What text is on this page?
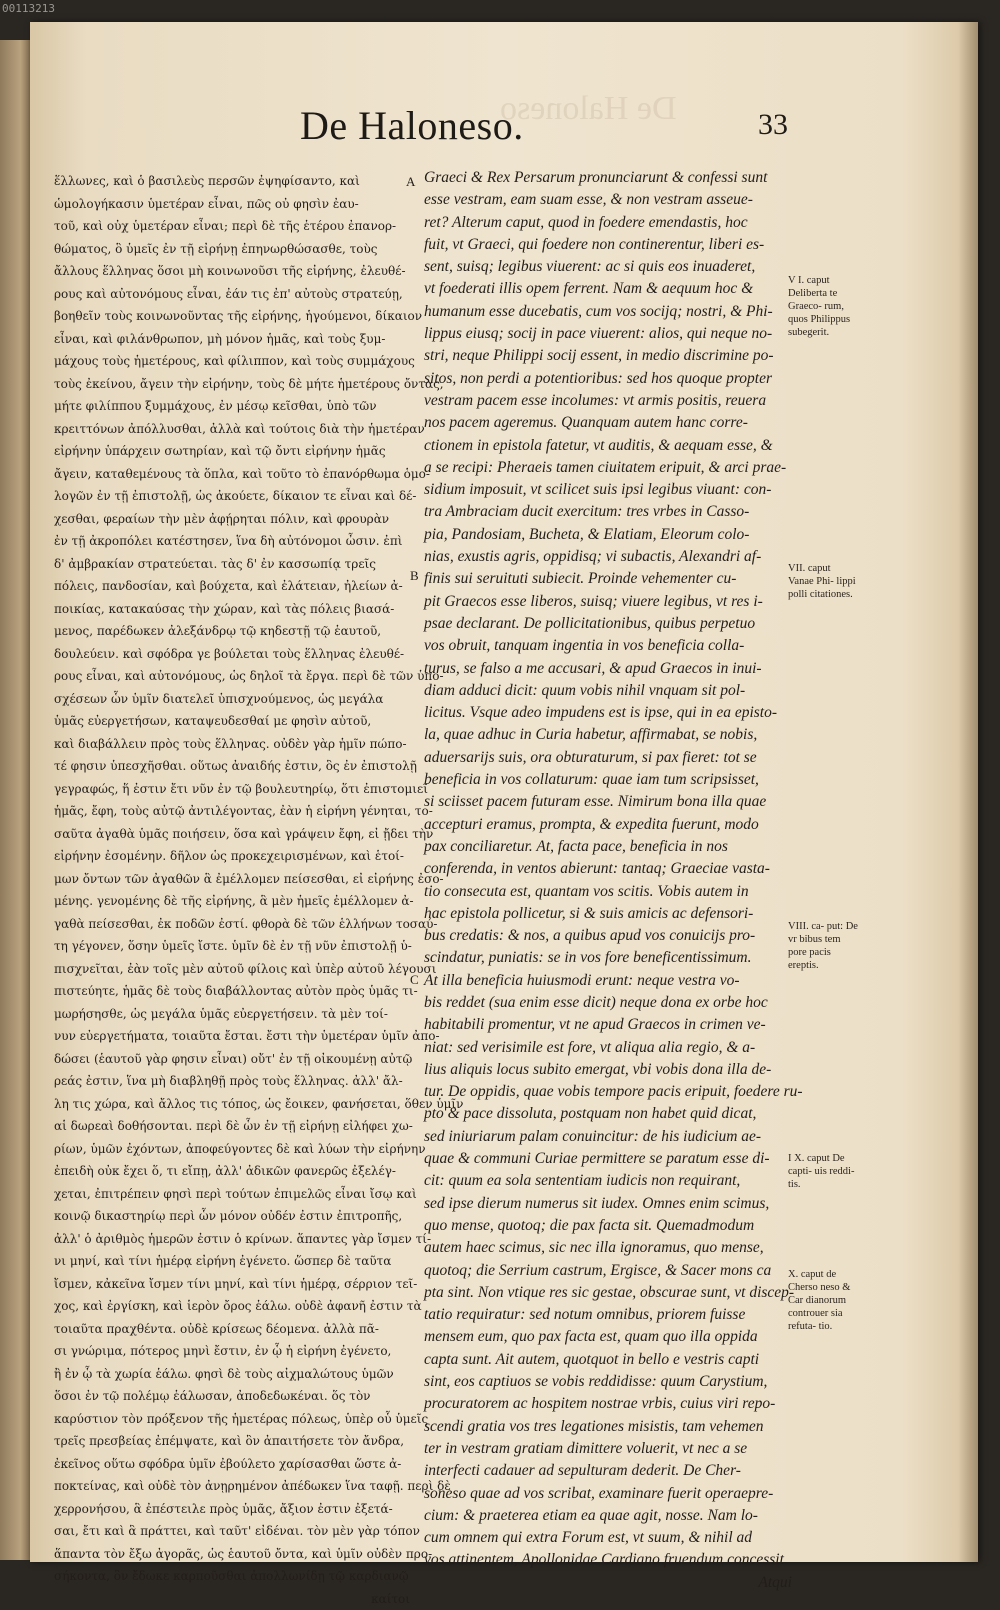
00113213
De Halonesο
De Halonesο.	33
ἕλλωνες, καὶ ὁ βασιλεὺς περσῶν ἐψηφίσαντο, καὶ
ὡμολογήκασιν ὑμετέραν εἶναι, πῶς οὐ φησὶν ἐαυ-
τοῦ, καὶ οὐχ ὑμετέραν εἶναι; περὶ δὲ τῆς ἑτέρου ἐπανορ-
θώματος, ὃ ὑμεῖς ἐν τῇ εἰρήνῃ ἐπηνωρθώσασθε, τοὺς
ἄλλους ἕλληνας ὅσοι μὴ κοινωνοῦσι τῆς εἰρήνης, ἐλευθέ-
ρους καὶ αὐτονόμους εἶναι, ἐάν τις ἐπ' αὐτοὺς στρατεύῃ,
βοηθεῖν τοὺς κοινωνοῦντας τῆς εἰρήνης, ἡγούμενοι, δίκαιον
εἶναι, καὶ φιλάνθρωπον, μὴ μόνον ἡμᾶς, καὶ τοὺς ξυμ-
μάχους τοὺς ἡμετέρους, καὶ φίλιππον, καὶ τοὺς συμμάχους
τοὺς ἐκείνου, ἄγειν τὴν εἰρήνην, τοὺς δὲ μήτε ἡμετέρους ὄντας,
μήτε φιλίππου ξυμμάχους, ἐν μέσῳ κεῖσθαι, ὑπὸ τῶν
κρειττόνων ἀπόλλυσθαι, ἀλλὰ καὶ τούτοις διὰ τὴν ἡμετέραν
εἰρήνην ὑπάρχειν σωτηρίαν, καὶ τῷ ὄντι εἰρήνην ἡμᾶς
ἄγειν, καταθεμένους τὰ ὅπλα, καὶ τοῦτο τὸ ἐπανόρθωμα ὁμο-
λογῶν ἐν τῇ ἐπιστολῇ, ὡς ἀκούετε, δίκαιον τε εἶναι καὶ δέ-
χεσθαι, φεραίων τὴν μὲν ἀφῄρηται πόλιν, καὶ φρουρὰν
ἐν τῇ ἀκροπόλει κατέστησεν, ἵνα δὴ αὐτόνομοι ὦσιν. ἐπὶ
δ' ἀμβρακίαν στρατεύεται. τὰς δ' ἐν κασσωπίᾳ τρεῖς
πόλεις, πανδοσίαν, καὶ βούχετα, καὶ ἐλάτειαν, ἠλείων ἀ-
ποικίας, κατακαύσας τὴν χώραν, καὶ τὰς πόλεις βιασά-
μενος, παρέδωκεν ἀλεξάνδρῳ τῷ κηδεστῇ τῷ ἑαυτοῦ,
δουλεύειν. καὶ σφόδρα γε βούλεται τοὺς ἕλληνας ἐλευθέ-
ρους εἶναι, καὶ αὐτονόμους, ὡς δηλοῖ τὰ ἔργα. περὶ δὲ τῶν ὑπο-
σχέσεων ὧν ὑμῖν διατελεῖ ὑπισχνούμενος, ὡς μεγάλα
ὑμᾶς εὐεργετήσων, καταψευδεσθαί με φησὶν αὐτοῦ,
καὶ διαβάλλειν πρὸς τοὺς ἕλληνας. οὐδὲν γὰρ ἡμῖν πώπο-
τέ φησιν ὑπεσχῆσθαι. οὕτως ἀναιδής ἐστιν, ὃς ἐν ἐπιστολῇ
γεγραφώς, ἥ ἐστιν ἔτι νῦν ἐν τῷ βουλευτηρίῳ, ὅτι ἐπιστομιεῖ
ἡμᾶς, ἔφη, τοὺς αὐτῷ ἀντιλέγοντας, ἐὰν ἡ εἰρήνη γένηται, το-
σαῦτα ἀγαθὰ ὑμᾶς ποιήσειν, ὅσα καὶ γράψειν ἔφη, εἰ ᾔδει τὴν
εἰρήνην ἐσομένην. δῆλον ὡς προκεχειρισμένων, καὶ ἑτοί-
μων ὄντων τῶν ἀγαθῶν ἃ ἐμέλλομεν πείσεσθαι, εἰ εἰρήνης ἐσο-
μένης. γενομένης δὲ τῆς εἰρήνης, ἃ μὲν ἡμεῖς ἐμέλλομεν ἀ-
γαθὰ πείσεσθαι, ἐκ ποδῶν ἐστί. φθορὰ δὲ τῶν ἑλλήνων τοσαύ-
τη γέγονεν, ὅσην ὑμεῖς ἴστε. ὑμῖν δὲ ἐν τῇ νῦν ἐπιστολῇ ὑ-
πισχνεῖται, ἐὰν τοῖς μὲν αὐτοῦ φίλοις καὶ ὑπὲρ αὐτοῦ λέγουσι
πιστεύητε, ἡμᾶς δὲ τοὺς διαβάλλοντας αὐτὸν πρὸς ὑμᾶς τι-
μωρήσησθε, ὡς μεγάλα ὑμᾶς εὐεργετήσειν. τὰ μὲν τοί-
νυν εὐεργετήματα, τοιαῦτα ἔσται. ἔστι τὴν ὑμετέραν ὑμῖν ἀπο-
δώσει (ἑαυτοῦ γὰρ φησιν εἶναι) οὔτ' ἐν τῇ οἰκουμένῃ αὐτῷ
ρεάς ἐστιν, ἵνα μὴ διαβληθῇ πρὸς τοὺς ἕλληνας. ἀλλ' ἄλ-
λη τις χώρα, καὶ ἄλλος τις τόπος, ὡς ἔοικεν, φανήσεται, ὅθεν ὑμῖν
αἱ δωρεαὶ δοθήσονται. περὶ δὲ ὧν ἐν τῇ εἰρήνῃ εἰλήφει χω-
ρίων, ὑμῶν ἐχόντων, ἀποφεύγοντες δὲ καὶ λύων τὴν εἰρήνην
ἐπειδὴ οὐκ ἔχει ὅ, τι εἴπῃ, ἀλλ' ἀδικῶν φανερῶς ἐξελέγ-
χεται, ἐπιτρέπειν φησὶ περὶ τούτων ἐπιμελῶς εἶναι ἴσῳ καὶ
κοινῷ δικαστηρίῳ περὶ ὧν μόνον οὐδέν ἐστιν ἐπιτροπῆς,
ἀλλ' ὁ ἀριθμὸς ἡμερῶν ἐστιν ὁ κρίνων. ἅπαντες γὰρ ἴσμεν τί-
νι μηνί, καὶ τίνι ἡμέρᾳ εἰρήνη ἐγένετο. ὥσπερ δὲ ταῦτα
ἴσμεν, κἀκεῖνα ἴσμεν τίνι μηνί, καὶ τίνι ἡμέρᾳ, σέρριον τεῖ-
χος, καὶ ἐργίσκη, καὶ ἱερὸν ὄρος ἑάλω. οὐδὲ ἀφανῆ ἐστιν τὰ
τοιαῦτα πραχθέντα. οὐδὲ κρίσεως δέομενα. ἀλλὰ πᾶ-
σι γνώριμα, πότερος μηνὶ ἔστιν, ἐν ᾧ ἡ εἰρήνη ἐγένετο,
ἢ ἐν ᾧ τὰ χωρία ἑάλω. φησὶ δὲ τοὺς αἰχμαλώτους ὑμῶν
ὅσοι ἐν τῷ πολέμῳ ἑάλωσαν, ἀποδεδωκέναι. ὅς τὸν
καρύστιον τὸν πρόξενον τῆς ἡμετέρας πόλεως, ὑπὲρ οὗ ὑμεῖς
τρεῖς πρεσβείας ἐπέμψατε, καὶ ὃν ἀπαιτήσετε τὸν ἄνδρα,
ἐκεῖνος οὕτω σφόδρα ὑμῖν ἐβούλετο χαρίσασθαι ὥστε ἀ-
ποκτείνας, καὶ οὐδὲ τὸν ἀνῃρημένον ἀπέδωκεν ἵνα ταφῇ. περὶ δὲ
χερρονήσου, ἃ ἐπέστειλε πρὸς ὑμᾶς, ἄξιον ἐστιν ἐξετά-
σαι, ἔτι καὶ ἃ πράττει, καὶ ταῦτ' εἰδέναι. τὸν μὲν γὰρ τόπον
ἅπαντα τὸν ἔξω ἀγορᾶς, ὡς ἑαυτοῦ ὄντα, καὶ ὑμῖν οὐδὲν προ-
σήκοντα, ὃν ἔδωκε καρποῦσθαι ἀπολλωνίδῃ τῷ καρδιανῷ
καίτοι
A
B
C
Graeci & Rex Persarum pronunciarunt & confessi sunt
esse vestram, eam suam esse, & non vestram asseue-
ret? Alterum caput, quod in foedere emendastis, hoc
fuit, vt Graeci, qui foedere non continerentur, liberi es-
sent, suisq; legibus viuerent: ac si quis eos inuaderet,
vt foederati illis opem ferrent. Nam & aequum hoc &
humanum esse ducebatis, cum vos socijq; nostri, & Phi-
lippus eiusq; socij in pace viuerent: alios, qui neque no-
stri, neque Philippi socij essent, in medio discrimine po-
sitos, non perdi a potentioribus: sed hos quoque propter
vestram pacem esse incolumes: vt armis positis, reuera
nos pacem ageremus. Quanquam autem hanc corre-
ctionem in epistola fatetur, vt auditis, & aequam esse, &
a se recipi: Pheraeis tamen ciuitatem eripuit, & arci prae-
sidium imposuit, vt scilicet suis ipsi legibus viuant: con-
tra Ambraciam ducit exercitum: tres vrbes in Casso-
pia, Pandosiam, Bucheta, & Elatiam, Eleorum colo-
nias, exustis agris, oppidisq; vi subactis, Alexandri af-
finis sui seruituti subiecit. Proinde vehementer cu-
pit Graecos esse liberos, suisq; viuere legibus, vt res i-
psae declarant. De pollicitationibus, quibus perpetuo
vos obruit, tanquam ingentia in vos beneficia colla-
turus, se falso a me accusari, & apud Graecos in inui-
diam adduci dicit: quum vobis nihil vnquam sit pol-
licitus. Vsque adeo impudens est is ipse, qui in ea episto-
la, quae adhuc in Curia habetur, affirmabat, se nobis,
aduersarijs suis, ora obturaturum, si pax fieret: tot se
beneficia in vos collaturum: quae iam tum scripsisset,
si sciisset pacem futuram esse. Nimirum bona illa quae
accepturi eramus, prompta, & expedita fuerunt, modo
pax conciliaretur. At, facta pace, beneficia in nos
conferenda, in ventos abierunt: tantaq; Graeciae vasta-
tio consecuta est, quantam vos scitis. Vobis autem in
hac epistola pollicetur, si & suis amicis ac defensori-
bus credatis: & nos, a quibus apud vos conuicijs pro-
scindatur, puniatis: se in vos fore beneficentissimum.
At illa beneficia huiusmodi erunt: neque vestra vo-
bis reddet (sua enim esse dicit) neque dona ex orbe hoc
habitabili promentur, vt ne apud Graecos in crimen ve-
niat: sed verisimile est fore, vt aliqua alia regio, & a-
lius aliquis locus subito emergat, vbi vobis dona illa de-
tur. De oppidis, quae vobis tempore pacis eripuit, foedere ru-
pto & pace dissoluta, postquam non habet quid dicat,
sed iniuriarum palam conuincitur: de his iudicium ae-
quae & communi Curiae permittere se paratum esse di-
cit: quum ea sola sententiam iudicis non requirant,
sed ipse dierum numerus sit iudex. Omnes enim scimus,
quo mense, quotoq; die pax facta sit. Quemadmodum
autem haec scimus, sic nec illa ignoramus, quo mense,
quotoq; die Serrium castrum, Ergisce, & Sacer mons ca
pta sint. Non vtique res sic gestae, obscurae sunt, vt discep-
tatio requiratur: sed notum omnibus, priorem fuisse
mensem eum, quo pax facta est, quam quo illa oppida
capta sunt. Ait autem, quotquot in bello e vestris capti
sint, eos captiuos se vobis reddidisse: quum Carystium,
procuratorem ac hospitem nostrae vrbis, cuius viri repo-
scendi gratia vos tres legationes misistis, tam vehemen
ter in vestram gratiam dimittere voluerit, vt nec a se
interfecti cadauer ad sepulturam dederit. De Cher-
soneso quae ad vos scribat, examinare fuerit operaepre-
cium: & praeterea etiam ea quae agit, nosse. Nam lo-
cum omnem qui extra Forum est, vt suum, & nihil ad
vos attinentem, Apollonidae Cardiano fruendum concessit.
Atqui
V I. caput Deliberta te Graeco- rum, quos Philippus subegerit.
VII. caput Vanae Phi- lippi polli citationes.
VIII. ca- put: De vr bibus tem pore pacis ereptis.
I X. caput De capti- uis reddi- tis.
X. caput de Cherso neso & Car dianorum controuer sia refuta- tio.
